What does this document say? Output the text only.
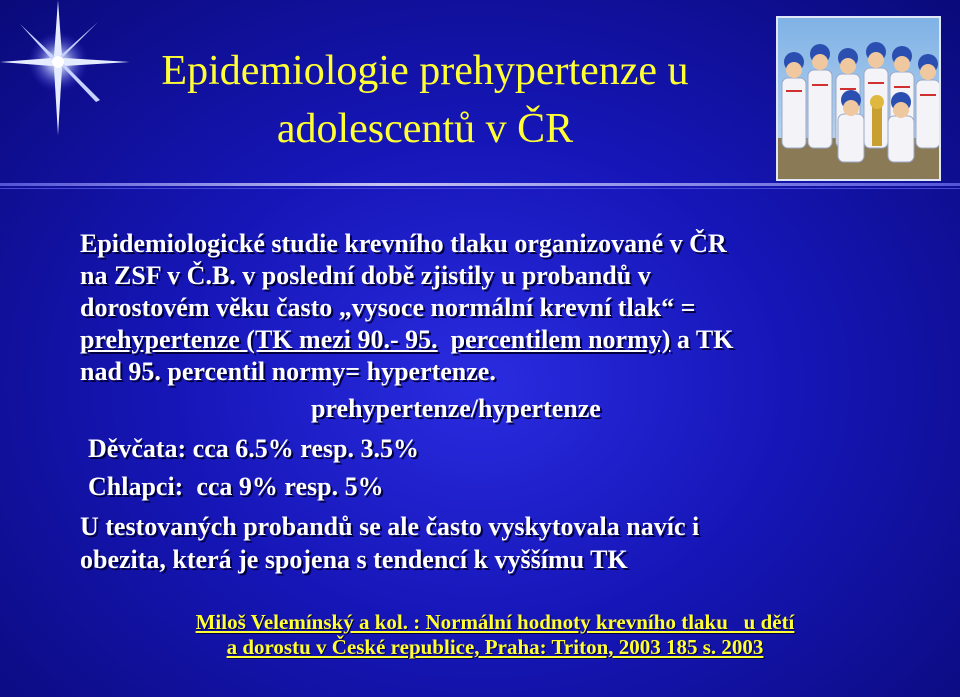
Epidemiologie prehypertenze u
adolescentů v ČR
Epidemiologické studie krevního tlaku organizované v ČR
na ZSF v Č.B. v poslední době zjistily u probandů v
dorostovém věku často „vysoce normální krevní tlak“ =
prehypertenze (TK mezi 90.- 95. percentilem normy) a TK
nad 95. percentil normy= hypertenze.
prehypertenze/hypertenze
Děvčata: cca 6.5% resp. 3.5%
Chlapci:  cca 9% resp. 5%
U testovaných probandů se ale často vyskytovala navíc i
obezita, která je spojena s tendencí k vyššímu TK
Miloš Velemínský a kol. : Normální hodnoty krevního tlaku   u dětí
a dorostu v České republice, Praha: Triton, 2003 185 s. 2003
